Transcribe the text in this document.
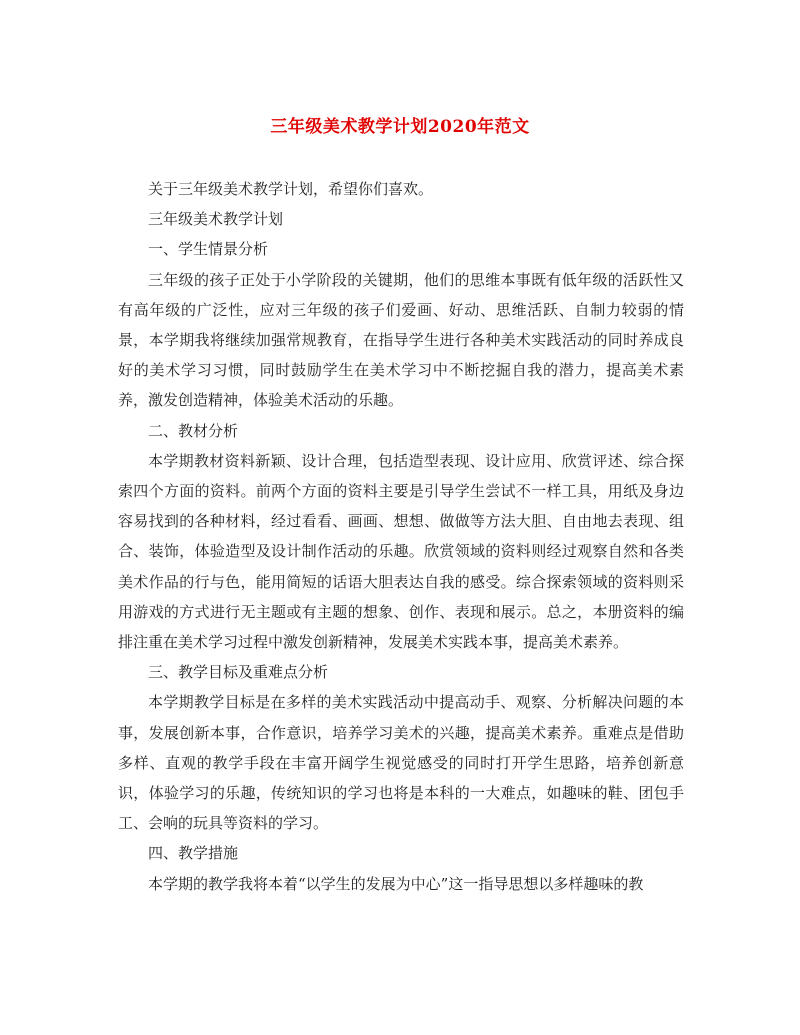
三年级美术教学计划2020年范文

关于三年级美术教学计划，希望你们喜欢。

三年级美术教学计划

一、学生情景分析

三年级的孩子正处于小学阶段的关键期，他们的思维本事既有低年级的活跃性又有高年级的广泛性，应对三年级的孩子们爱画、好动、思维活跃、自制力较弱的情景，本学期我将继续加强常规教育，在指导学生进行各种美术实践活动的同时养成良好的美术学习习惯，同时鼓励学生在美术学习中不断挖掘自我的潜力，提高美术素养，激发创造精神，体验美术活动的乐趣。

二、教材分析

本学期教材资料新颖、设计合理，包括造型表现、设计应用、欣赏评述、综合探索四个方面的资料。前两个方面的资料主要是引导学生尝试不一样工具，用纸及身边容易找到的各种材料，经过看看、画画、想想、做做等方法大胆、自由地去表现、组合、装饰，体验造型及设计制作活动的乐趣。欣赏领域的资料则经过观察自然和各类美术作品的行与色，能用简短的话语大胆表达自我的感受。综合探索领域的资料则采用游戏的方式进行无主题或有主题的想象、创作、表现和展示。总之，本册资料的编排注重在美术学习过程中激发创新精神，发展美术实践本事，提高美术素养。

三、教学目标及重难点分析

本学期教学目标是在多样的美术实践活动中提高动手、观察、分析解决问题的本事，发展创新本事，合作意识，培养学习美术的兴趣，提高美术素养。重难点是借助多样、直观的教学手段在丰富开阔学生视觉感受的同时打开学生思路，培养创新意识，体验学习的乐趣，传统知识的学习也将是本科的一大难点，如趣味的鞋、团包手工、会响的玩具等资料的学习。

四、教学措施

本学期的教学我将本着“以学生的发展为中心”这一指导思想以多样趣味的教
